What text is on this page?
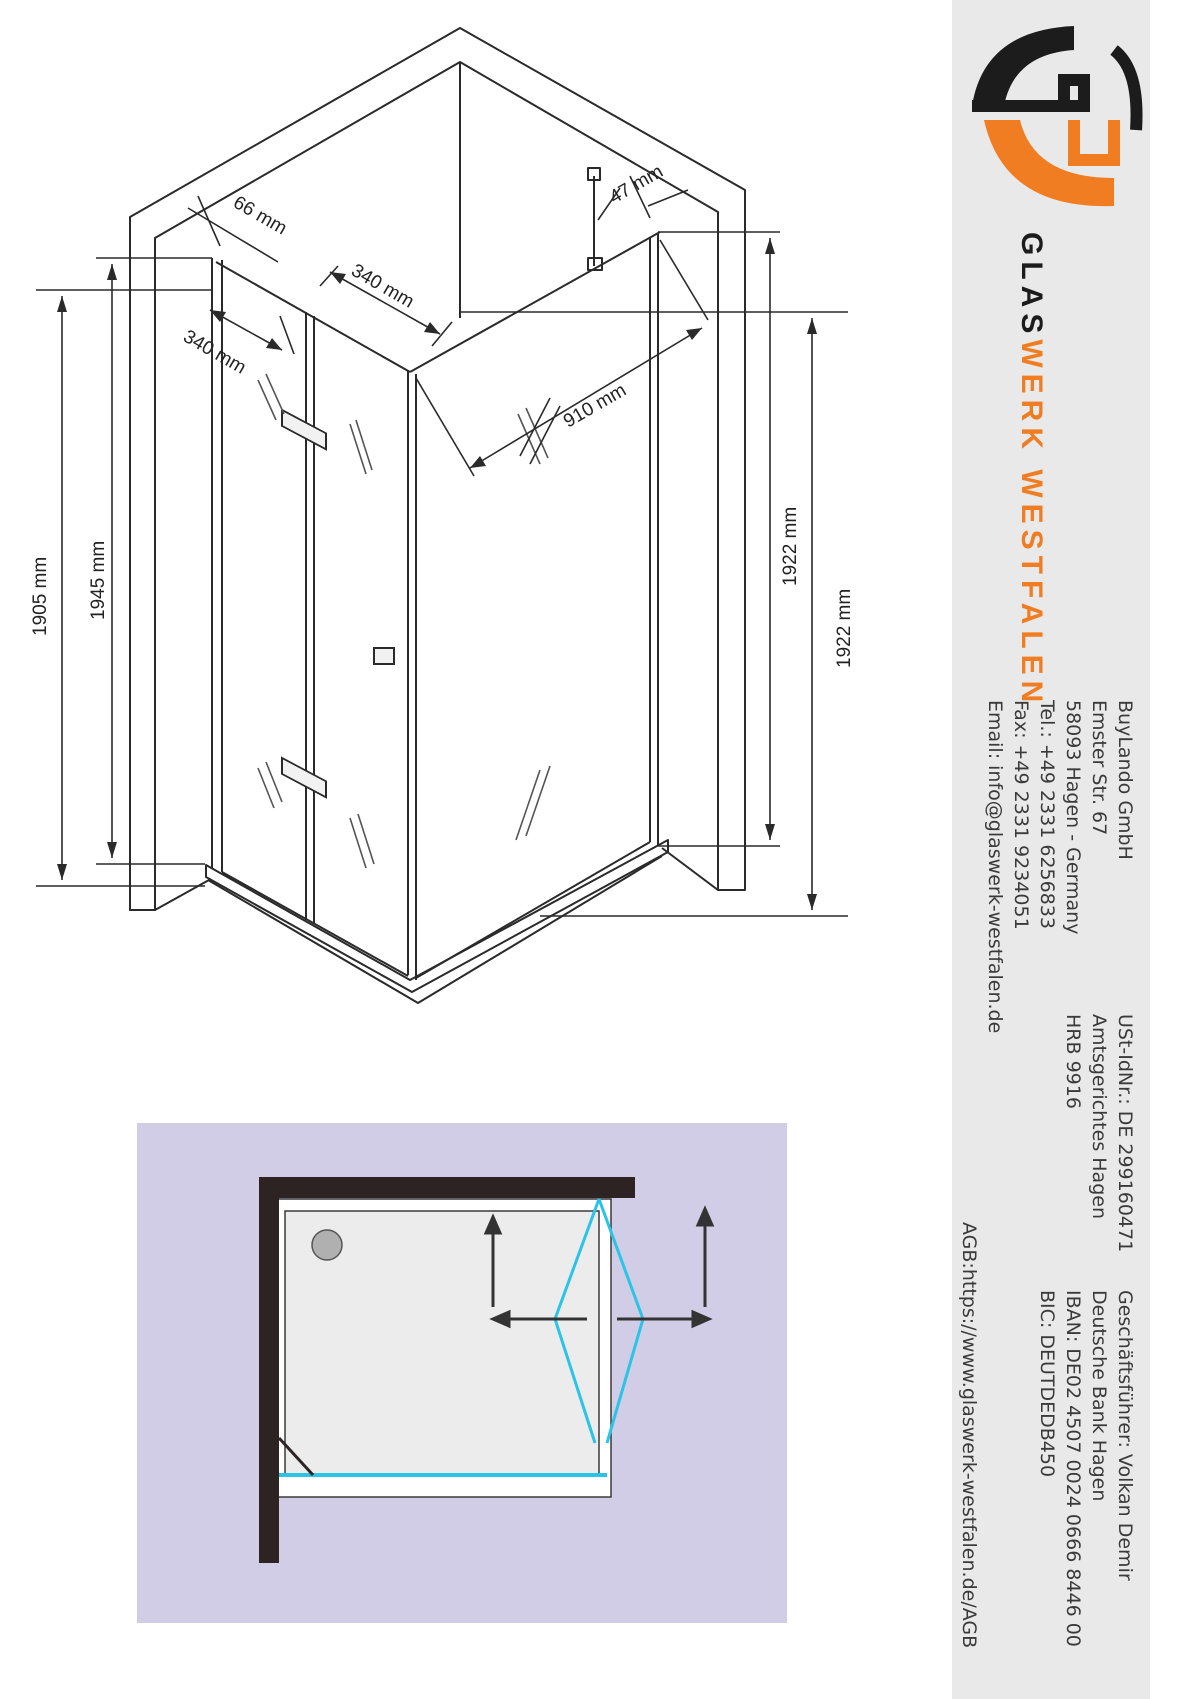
1905 mm 1945 mm	1922 mm
1922 mm
66 mm
340 mm
340 mm
910 mm
47 mm
GLASWERK WESTFALEN
BuyLando GmbH
Emster Str. 67
58093 Hagen - Germany
Tel.: +49 2331 6256833
Fax: +49 2331 9234051
Email: info@glaswerk-westfalen.de
USt-IdNr.: DE 299160471
Amtsgerichtes Hagen
HRB 9916
Geschäftsführer: Volkan Demir
Deutsche Bank Hagen
IBAN: DE02 4507 0024 0666 8446 00
BIC: DEUTDEDB450
AGB:https://www.glaswerk-westfalen.de/AGB
